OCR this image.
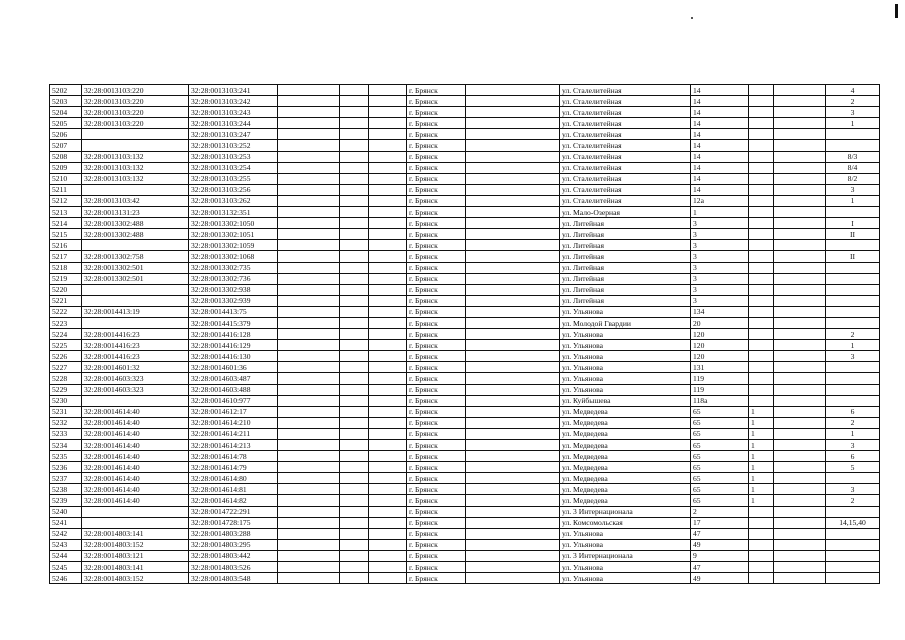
5202	32:28:0013103:220	32:28:0013103:241				г. Брянск		ул. Сталелитейная	14			4
5203	32:28:0013103:220	32:28:0013103:242				г. Брянск		ул. Сталелитейная	14			2
5204	32:28:0013103:220	32:28:0013103:243				г. Брянск		ул. Сталелитейная	14			3
5205	32:28:0013103:220	32:28:0013103:244				г. Брянск		ул. Сталелитейная	14			1
5206		32:28:0013103:247				г. Брянск		ул. Сталелитейная	14			
5207		32:28:0013103:252				г. Брянск		ул. Сталелитейная	14			
5208	32:28:0013103:132	32:28:0013103:253				г. Брянск		ул. Сталелитейная	14			8/3
5209	32:28:0013103:132	32:28:0013103:254				г. Брянск		ул. Сталелитейная	14			8/4
5210	32:28:0013103:132	32:28:0013103:255				г. Брянск		ул. Сталелитейная	14			8/2
5211		32:28:0013103:256				г. Брянск		ул. Сталелитейная	14			3
5212	32:28:0013103:42	32:28:0013103:262				г. Брянск		ул. Сталелитейная	12а			1
5213	32:28:0013131:23	32:28:0013132:351				г. Брянск		ул. Мало-Озерная	1			
5214	32:28:0013302:488	32:28:0013302:1050				г. Брянск		ул. Литейная	3			I
5215	32:28:0013302:488	32:28:0013302:1051				г. Брянск		ул. Литейная	3			II
5216		32:28:0013302:1059				г. Брянск		ул. Литейная	3			
5217	32:28:0013302:758	32:28:0013302:1068				г. Брянск		ул. Литейная	3			II
5218	32:28:0013302:501	32:28:0013302:735				г. Брянск		ул. Литейная	3			
5219	32:28:0013302:501	32:28:0013302:736				г. Брянск		ул. Литейная	3			
5220		32:28:0013302:938				г. Брянск		ул. Литейная	3			
5221		32:28:0013302:939				г. Брянск		ул. Литейная	3			
5222	32:28:0014413:19	32:28:0014413:75				г. Брянск		ул. Ульянова	134			
5223		32:28:0014415:379				г. Брянск		ул. Молодой Гвардии	20			
5224	32:28:0014416:23	32:28:0014416:128				г. Брянск		ул. Ульянова	120			2
5225	32:28:0014416:23	32:28:0014416:129				г. Брянск		ул. Ульянова	120			1
5226	32:28:0014416:23	32:28:0014416:130				г. Брянск		ул. Ульянова	120			3
5227	32:28:0014601:32	32:28:0014601:36				г. Брянск		ул. Ульянова	131			
5228	32:28:0014603:323	32:28:0014603:487				г. Брянск		ул. Ульянова	119			
5229	32:28:0014603:323	32:28:0014603:488				г. Брянск		ул. Ульянова	119			
5230		32:28:0014610:977				г. Брянск		ул. Куйбышева	118а			
5231	32:28:0014614:40	32:28:0014612:17				г. Брянск		ул. Медведева	65	1		6
5232	32:28:0014614:40	32:28:0014614:210				г. Брянск		ул. Медведева	65	1		2
5233	32:28:0014614:40	32:28:0014614:211				г. Брянск		ул. Медведева	65	1		1
5234	32:28:0014614:40	32:28:0014614:213				г. Брянск		ул. Медведева	65	1		3
5235	32:28:0014614:40	32:28:0014614:78				г. Брянск		ул. Медведева	65	1		6
5236	32:28:0014614:40	32:28:0014614:79				г. Брянск		ул. Медведева	65	1		5
5237	32:28:0014614:40	32:28:0014614:80				г. Брянск		ул. Медведева	65	1		
5238	32:28:0014614:40	32:28:0014614:81				г. Брянск		ул. Медведева	65	1		3
5239	32:28:0014614:40	32:28:0014614:82				г. Брянск		ул. Медведева	65	1		2
5240		32:28:0014722:291				г. Брянск		ул. 3 Интернационала	2			
5241		32:28:0014728:175				г. Брянск		ул. Комсомольская	17			14,15,40
5242	32:28:0014803:141	32:28:0014803:288				г. Брянск		ул. Ульянова	47			
5243	32:28:0014803:152	32:28:0014803:295				г. Брянск		ул. Ульянова	49			
5244	32:28:0014803:121	32:28:0014803:442				г. Брянск		ул. 3 Интернационала	9			
5245	32:28:0014803:141	32:28:0014803:526				г. Брянск		ул. Ульянова	47			
5246	32:28:0014803:152	32:28:0014803:548				г. Брянск		ул. Ульянова	49			
